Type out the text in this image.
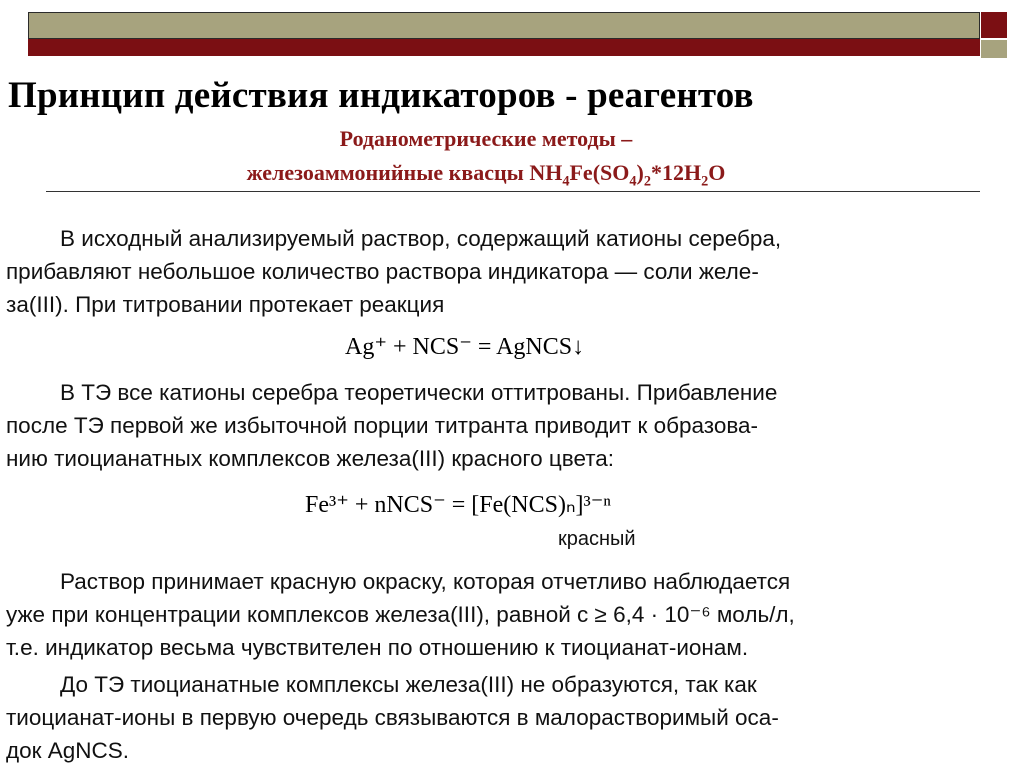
Принцип действия индикаторов - реагентов
Роданометрические методы –
железоаммонийные квасцы $NH_4Fe(SO_4)_2*12H_2O$
В исходный анализируемый раствор, содержащий катионы серебра,
прибавляют небольшое количество раствора индикатора — соли желе-
за(III). При титровании протекает реакция
Ag⁺ + NCS⁻ = AgNCS↓
В ТЭ все катионы серебра теоретически оттитрованы. Прибавление
после ТЭ первой же избыточной порции титранта приводит к образова-
нию тиоцианатных комплексов железа(III) красного цвета:
Fe³⁺ + nNCS⁻ = [Fe(NCS)ₙ]³⁻ⁿ
красный
Раствор принимает красную окраску, которая отчетливо наблюдается
уже при концентрации комплексов железа(III), равной c ≥ 6,4 · 10⁻⁶ моль/л,
т.е. индикатор весьма чувствителен по отношению к тиоцианат-ионам.
До ТЭ тиоцианатные комплексы железа(III) не образуются, так как
тиоцианат-ионы в первую очередь связываются в малорастворимый оса-
док AgNCS.
